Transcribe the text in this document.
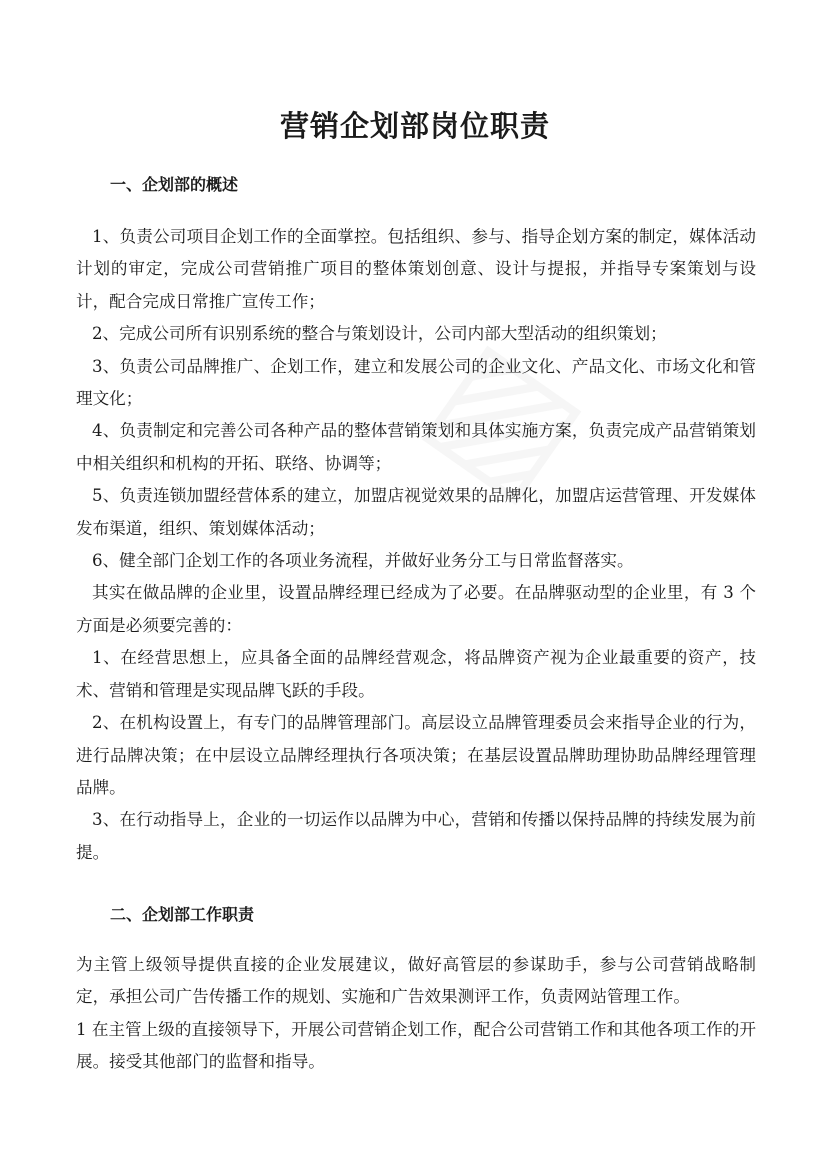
营销企划部岗位职责
一、企划部的概述

1、负责公司项目企划工作的全面掌控。包括组织、参与、指导企划方案的制定，媒体活动计划的审定，完成公司营销推广项目的整体策划创意、设计与提报，并指导专案策划与设计，配合完成日常推广宣传工作；

2、完成公司所有识别系统的整合与策划设计，公司内部大型活动的组织策划；

3、负责公司品牌推广、企划工作，建立和发展公司的企业文化、产品文化、市场文化和管理文化；

4、负责制定和完善公司各种产品的整体营销策划和具体实施方案，负责完成产品营销策划中相关组织和机构的开拓、联络、协调等；

5、负责连锁加盟经营体系的建立，加盟店视觉效果的品牌化，加盟店运营管理、开发媒体发布渠道，组织、策划媒体活动；

6、健全部门企划工作的各项业务流程，并做好业务分工与日常监督落实。

其实在做品牌的企业里，设置品牌经理已经成为了必要。在品牌驱动型的企业里，有 3 个方面是必须要完善的：

1、在经营思想上，应具备全面的品牌经营观念，将品牌资产视为企业最重要的资产，技术、营销和管理是实现品牌飞跃的手段。

2、在机构设置上，有专门的品牌管理部门。高层设立品牌管理委员会来指导企业的行为，进行品牌决策；在中层设立品牌经理执行各项决策；在基层设置品牌助理协助品牌经理管理品牌。

3、在行动指导上，企业的一切运作以品牌为中心，营销和传播以保持品牌的持续发展为前提。

二、企划部工作职责

为主管上级领导提供直接的企业发展建议，做好高管层的参谋助手，参与公司营销战略制定，承担公司广告传播工作的规划、实施和广告效果测评工作，负责网站管理工作。

1 在主管上级的直接领导下，开展公司营销企划工作，配合公司营销工作和其他各项工作的开展。接受其他部门的监督和指导。
